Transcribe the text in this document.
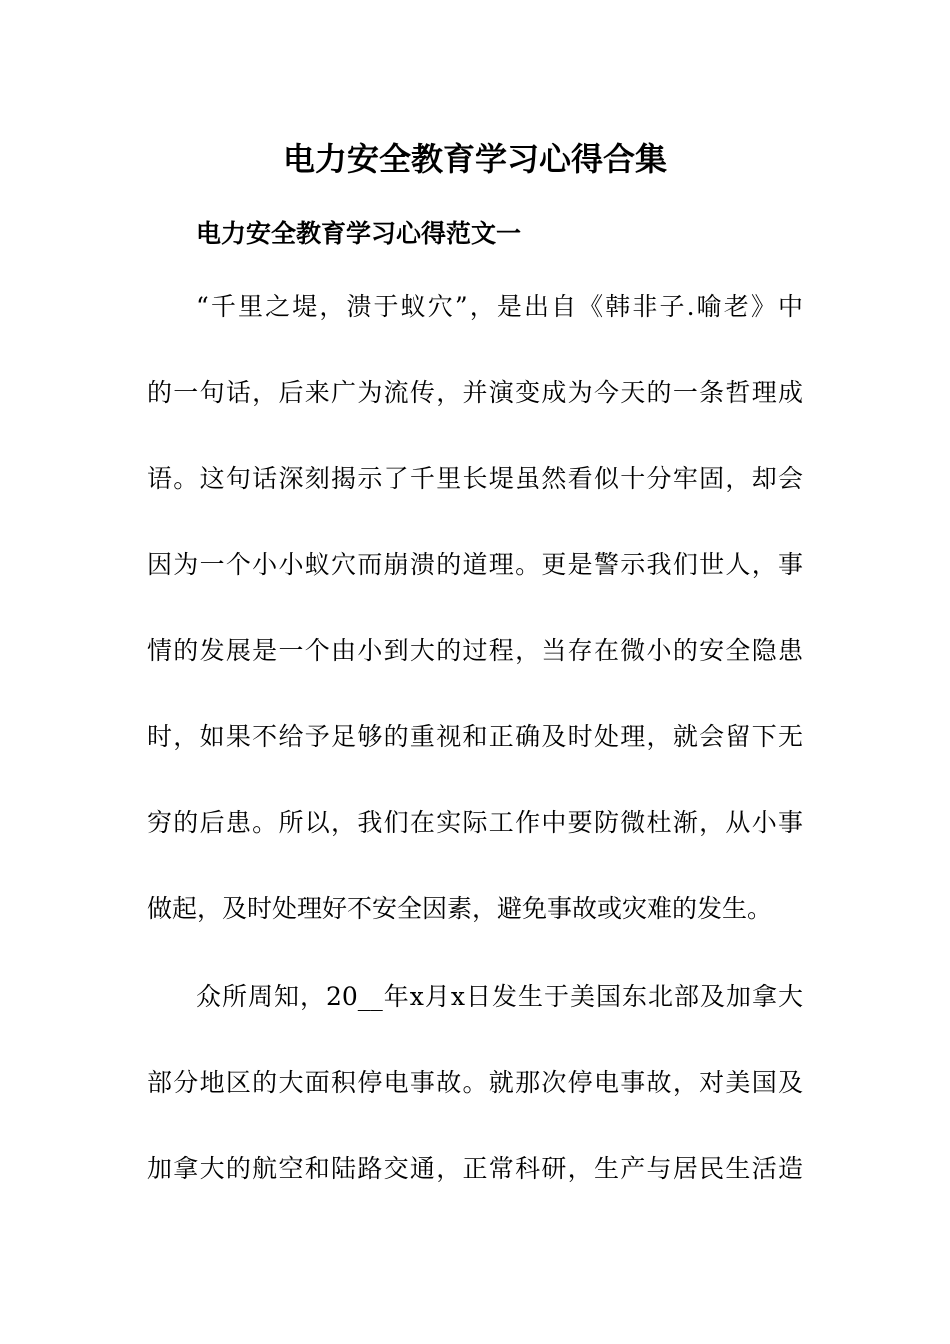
电力安全教育学习心得合集
电力安全教育学习心得范文一

“千里之堤，溃于蚁穴”，是出自《韩非子.喻老》中

的一句话，后来广为流传，并演变成为今天的一条哲理成

语。这句话深刻揭示了千里长堤虽然看似十分牢固，却会

因为一个小小蚁穴而崩溃的道理。更是警示我们世人，事

情的发展是一个由小到大的过程，当存在微小的安全隐患

时，如果不给予足够的重视和正确及时处理，就会留下无

穷的后患。所以，我们在实际工作中要防微杜渐，从小事

做起，及时处理好不安全因素，避免事故或灾难的发生。

众所周知，20__年x月x日发生于美国东北部及加拿大

部分地区的大面积停电事故。就那次停电事故，对美国及

加拿大的航空和陆路交通，正常科研，生产与居民生活造
